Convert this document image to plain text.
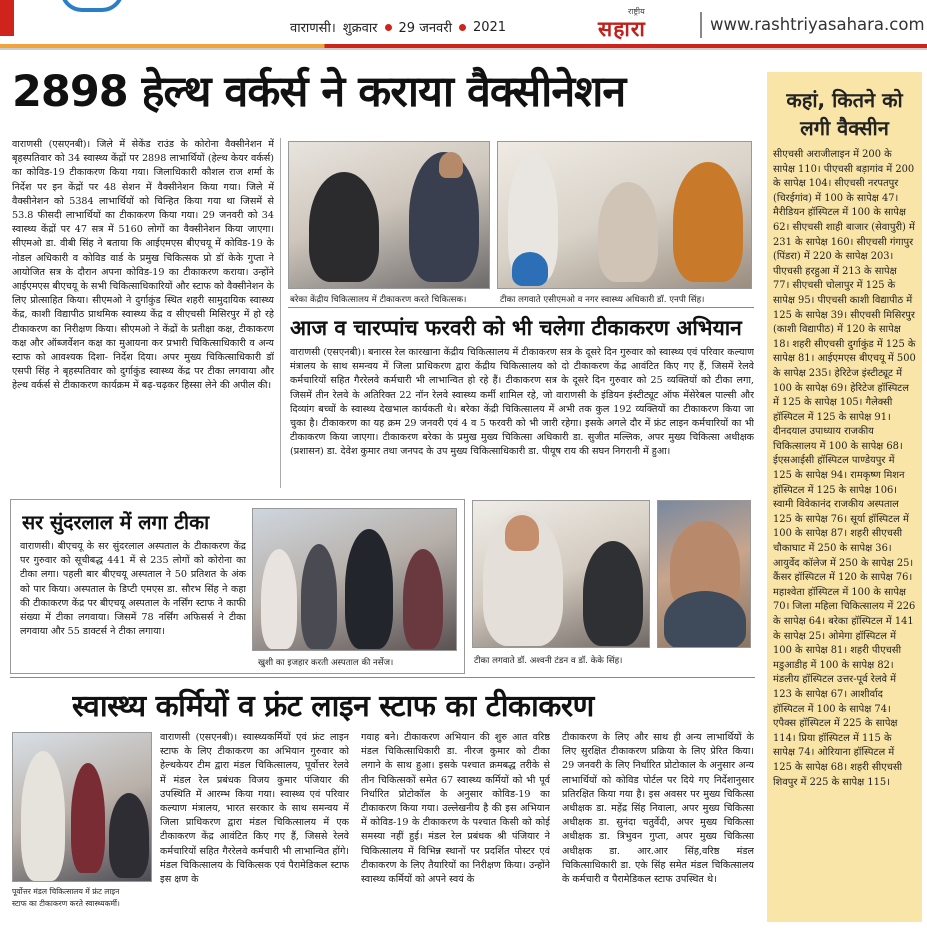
वाराणसी। शुक्रवार 29 जनवरी 2021
राष्ट्रीय
सहारा	www.rashtriyasahara.com
2898 हेल्थ वर्कर्स ने कराया वैक्सीनेशन
वाराणसी (एसएनबी)। जिले में सेकेंड राउंड के कोरोना वैक्सीनेशन में बृहस्पतिवार को 34 स्वास्थ्य केंद्रों पर 2898 लाभार्थियों (हेल्थ केयर वर्कर्स) का कोविड-19 टीकाकरण किया गया। जिलाधिकारी कौशल राज शर्मा के निर्देश पर इन केंद्रों पर 48 सेशन में वैक्सीनेशन किया गया। जिले में वैक्सीनेशन को 5384 लाभार्थियों को चिन्हित किया गया था जिसमें से 53.8 फीसदी लाभार्थियों का टीकाकरण किया गया। 29 जनवरी को 34 स्वास्थ्य केंद्रों पर 47 सत्र में 5160 लोगों का वैक्सीनेशन किया जाएगा। सीएमओ डा. वीबी सिंह ने बताया कि आईएमएस बीएचयू में कोविड-19 के नोडल अधिकारी व कोविड वार्ड के प्रमुख चिकित्सक प्रो डॉ केके गुप्ता ने आयोजित सत्र के दौरान अपना कोविड-19 का टीकाकरण कराया। उन्होंने आईएमएस बीएचयू के सभी चिकित्साधिकारियों और स्टाफ को वैक्सीनेशन के लिए प्रोत्साहित किया। सीएमओ ने दुर्गाकुंड स्थित शहरी सामुदायिक स्वास्थ्य केंद्र, काशी विद्यापीठ प्राथमिक स्वास्थ्य केंद्र व सीएचसी मिसिरपुर में हो रहे टीकाकरण का निरीक्षण किया। सीएमओ ने केंद्रों के प्रतीक्षा कक्ष, टीकाकरण कक्ष और ऑब्जर्वेशन कक्ष का मुआयना कर प्रभारी चिकित्साधिकारी व अन्य स्टाफ को आवश्यक दिशा- निर्देश दिया। अपर मुख्य चिकित्साधिकारी डॉ एसपी सिंह ने बृहस्पतिवार को दुर्गाकुंड स्वास्थ्य केंद्र पर टीका लगवाया और हेल्थ वर्कर्स से टीकाकरण कार्यक्रम में बढ़-चढ़कर हिस्सा लेने की अपील की।
बरेका केंद्रीय चिकित्सालय में टीकाकरण करते चिकित्सक।	टीका लगवाते एसीएमओ व नगर स्वास्थ्य अधिकारी डॉ. एनपी सिंह।
आज व चारप्पांच फरवरी को भी चलेगा टीकाकरण अभियान
वाराणसी (एसएनबी)। बनारस रेल कारखाना केंद्रीय चिकित्सालय में टीकाकरण सत्र के दूसरे दिन गुरुवार को स्वास्थ्य एवं परिवार कल्याण मंत्रालय के साथ समन्वय में जिला प्राधिकरण द्वारा केंद्रीय चिकित्सालय को दो टीकाकरण केंद्र आवंटित किए गए हैं, जिसमें रेलवे कर्मचारियों सहित गैररेलवे कर्मचारी भी लाभान्वित हो रहे हैं। टीकाकरण सत्र के दूसरे दिन गुरुवार को 25 व्यक्तियों को टीका लगा, जिसमें तीन रेलवे के अतिरिक्त 22 नॉन रेलवे स्वास्थ्य कर्मी शामिल रहे, जो वाराणसी के इंडियन इंस्टीट्यूट ऑफ मेंसेरेबल पाल्सी और दिव्यांग बच्चों के स्वास्थ्य देखभाल कार्यकती थे। बरेका केंद्री चिकित्सालय में अभी तक कुल 192 व्यक्तियों का टीकाकरण किया जा चुका है। टीकाकरण का यह क्रम 29 जनवरी एवं 4 व 5 फरवरी को भी जारी रहेगा। इसके अगले दौर में फ्रंट लाइन कर्मचारियों का भी टीकाकरण किया जाएगा। टीकाकरण बरेका के प्रमुख मुख्य चिकित्सा अधिकारी डा. सुजीत मल्लिक, अपर मुख्य चिकित्सा अधीक्षक (प्रशासन) डा. देवेश कुमार तथा जनपद के उप मुख्य चिकित्साधिकारी डा. पीयूष राय की सघन निगरानी में हुआ।
सर सुंदरलाल में लगा टीका
वाराणसी। बीएचयू के सर सुंदरलाल अस्पताल के टीकाकरण केंद्र पर गुरुवार को सूचीबद्ध 441 में से 235 लोगों को कोरोना का टीका लगा। पहली बार बीएचयू अस्पताल ने 50 प्रतिशत के अंक को पार किया। अस्पताल के डिप्टी एमएस डा. सौरभ सिंह ने कहा की टीकाकरण केंद्र पर बीएचयू अस्पताल के नर्सिंग स्टाफ ने काफी संख्या में टीका लगवाया। जिसमें 78 नर्सिंग अफिसर्स ने टीका लगवाया और 55 डाक्टर्स ने टीका लगाया।
खुशी का इजहार करती अस्पताल की नर्सेज।	टीका लगवाते डॉ. अश्वनी टंडन व डॉ. केके सिंह।
स्वास्थ्य कर्मियों व फ्रंट लाइन स्टाफ का टीकाकरण
पूर्वोत्तर मंडल चिकित्सालय में फ्रंट लाइन
स्टाफ का टीकाकरण करते स्वास्थ्यकर्मी।
वाराणसी (एसएनबी)। स्वास्थ्यकर्मियों एवं फ्रंट लाइन स्टाफ के लिए टीकाकरण का अभियान गुरुवार को हेल्थकेयर टीम द्वारा मंडल चिकित्सालय, पूर्वोत्तर रेलवे में मंडल रेल प्रबंधक विजय कुमार पंजियार की उपस्थिति में आरम्भ किया गया। स्वास्थ्य एवं परिवार कल्याण मंत्रालय, भारत सरकार के साथ समन्वय में जिला प्राधिकरण द्वारा मंडल चिकित्सालय में एक टीकाकरण केंद्र आवंटित किए गए हैं, जिससे रेलवे कर्मचारियों सहित गैररेलवे कर्मचारी भी लाभान्वित होंगे। मंडल चिकित्सालय के चिकित्सक एवं पैरामेडिकल स्टाफ इस क्षण के
गवाह बने। टीकाकरण अभियान की शुरु आत वरिष्ठ मंडल चिकित्साधिकारी डा. नीरज कुमार को टीका लगाने के साथ हुआ। इसके पश्चात क्रमबद्ध तरीके से तीन चिकित्सकों समेत 67 स्वास्थ्य कर्मियों को भी पूर्व निर्धारित प्रोटोकॉल के अनुसार कोविड-19 का टीकाकरण किया गया। उल्लेखनीय है की इस अभियान में कोविड-19 के टीकाकरण के पश्चात किसी को कोई समस्या नहीं हुई। मंडल रेल प्रबंधक श्री पंजियार ने चिकित्सालय में विभिन्न स्थानों पर प्रदर्शित पोस्टर एवं टीकाकरण के लिए तैयारियों का निरीक्षण किया। उन्होंने स्वास्थ्य कर्मियों को अपने स्वयं के
टीकाकरण के लिए और साथ ही अन्य लाभार्थियों के लिए सुरक्षित टीकाकरण प्रक्रिया के लिए प्रेरित किया। 29 जनवरी के लिए निर्धारित प्रोटोकाल के अनुसार अन्य लाभार्थियों को कोविड पोर्टल पर दिये गए निर्देशानुसार प्रतिरक्षित किया गया है। इस अवसर पर मुख्य चिकित्सा अधीक्षक डा. महेंद्र सिंह निवाला, अपर मुख्य चिकित्सा अधीक्षक डा. सुनंदा चतुर्वेदी, अपर मुख्य चिकित्सा अधीक्षक डा. त्रिभुवन गुप्ता, अपर मुख्य चिकित्सा अधीक्षक डा. आर.आर सिंह,वरिष्ठ मंडल चिकित्साधिकारी डा. एके सिंह समेत मंडल चिकित्सालय के कर्मचारी व पैरामेडिकल स्टाफ उपस्थित थे।
कहां, कितने को
लगी वैक्सीन
सीएचसी अराजीलाइन में 200 के सापेक्ष 110। पीएचसी बड़ागांव में 200 के सापेक्ष 104। सीएचसी नरपतपुर (चिरईगांव) में 100 के सापेक्ष 47। मैरीडियन हॉस्पिटल में 100 के सापेक्ष 62। सीएचसी शाही बाजार (सेवापुरी) में 231 के सापेक्ष 160। सीएचसी गंगापुर (पिंडरा) में 220 के सापेक्ष 203। पीएचसी हरहुआ में 213 के सापेक्ष 77। सीएचसी चोलापुर में 125 के सापेक्ष 95। पीएचसी काशी विद्यापीठ में 125 के सापेक्ष 39। सीएचसी मिसिरपुर (काशी विद्यापीठ) में 120 के सापेक्ष 18। शहरी सीएचसी दुर्गाकुंड में 125 के सापेक्ष 81। आईएमएस बीएचयू में 500 के सापेक्ष 235। हेरिटेज इंस्टीट्यूट में 100 के सापेक्ष 69। हेरिटेज हॉस्पिटल में 125 के सापेक्ष 105। गैलेक्सी हॉस्पिटल में 125 के सापेक्ष 91। दीनदयाल उपाध्याय राजकीय चिकित्सालय में 100 के सापेक्ष 68। ईएसआईसी हॉस्पिटल पाण्डेयपुर में 125 के सापेक्ष 94। रामकृष्ण मिशन हॉस्पिटल में 125 के सापेक्ष 106। स्वामी विवेकानंद राजकीय अस्पताल 125 के सापेक्ष 76। सूर्या हॉस्पिटल में 100 के सापेक्ष 87। शहरी सीएचसी चौकाघाट में 250 के सापेक्ष 36। आयुर्वेद कॉलेज में 250 के सापेक्ष 25। कैंसर हॉस्पिटल में 120 के सापेक्ष 76। महाश्वेता हॉस्पिटल में 100 के सापेक्ष 70। जिला महिला चिकित्सालय में 226 के सापेक्ष 64। बरेका हॉस्पिटल में 141 के सापेक्ष 25। ओमेगा हॉस्पिटल में 100 के सापेक्ष 81। शहरी पीएचसी मडुआडीह में 100 के सापेक्ष 82। मंडलीय हॉस्पिटल उत्तर-पूर्व रेलवे में 123 के सापेक्ष 67। आशीर्वाद हॉस्पिटल में 100 के सापेक्ष 74। एपैक्स हॉस्पिटल में 225 के सापेक्ष 114। प्रिया हॉस्पिटल में 115 के सापेक्ष 74। ओरियाना हॉस्पिटल में 125 के सापेक्ष 68। शहरी सीएचसी शिवपुर में 225 के सापेक्ष 115।
